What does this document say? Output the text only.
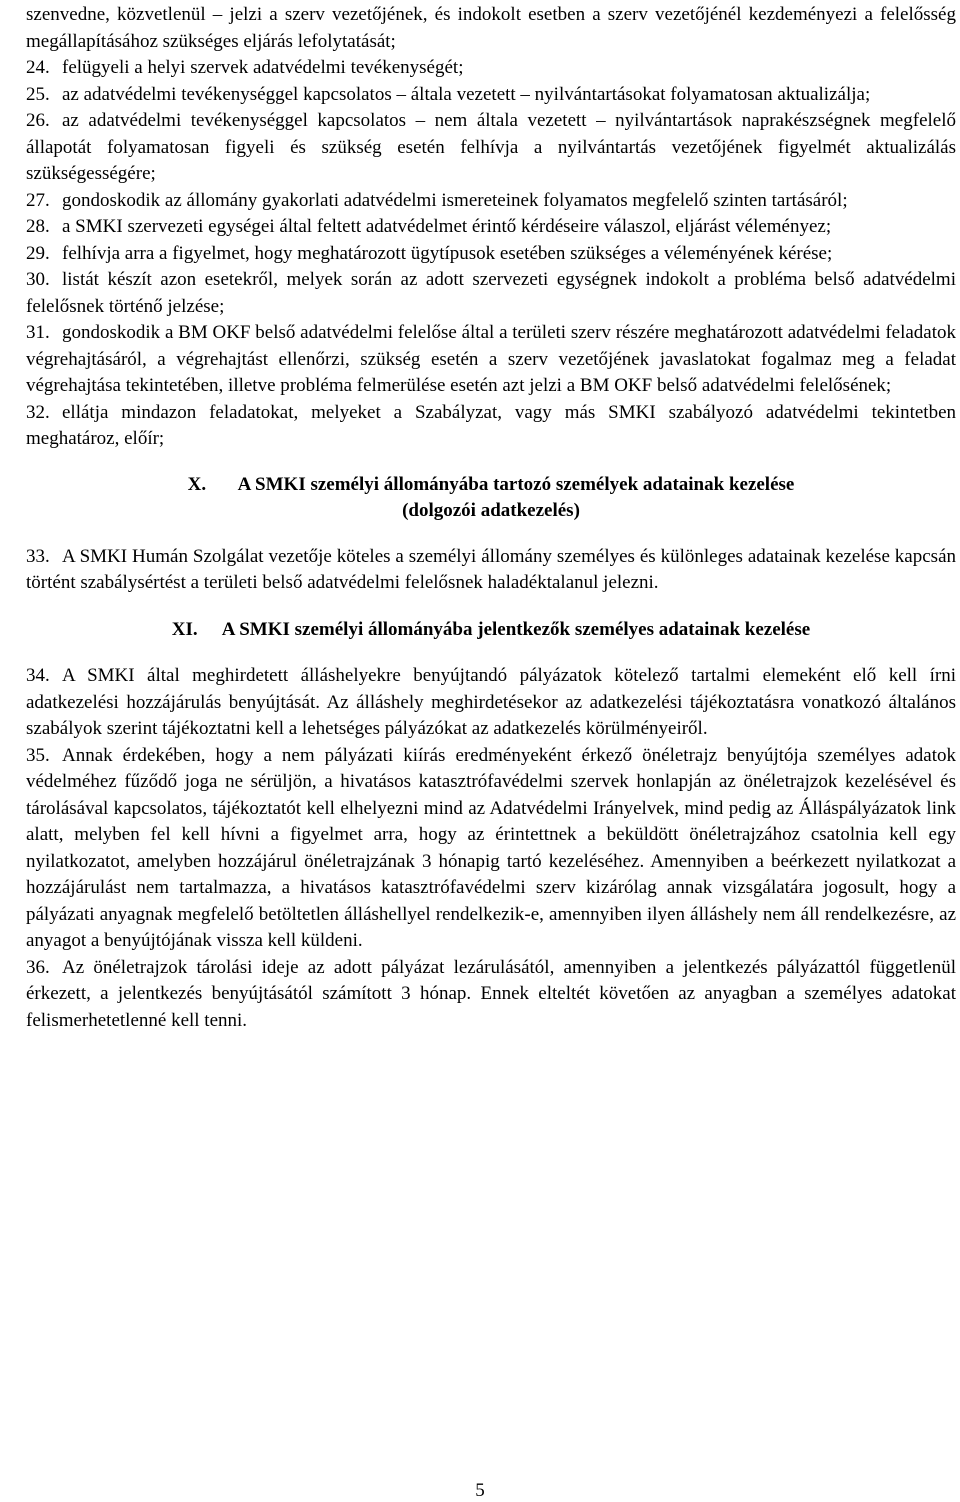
szenvedne, közvetlenül – jelzi a szerv vezetőjének, és indokolt esetben a szerv vezetőjénél kezdeményezi a felelősség megállapításához szükséges eljárás lefolytatását;

24. felügyeli a helyi szervek adatvédelmi tevékenységét;

25. az adatvédelmi tevékenységgel kapcsolatos – általa vezetett – nyilvántartásokat folyamatosan aktualizálja;

26. az adatvédelmi tevékenységgel kapcsolatos – nem általa vezetett – nyilvántartások naprakészségnek megfelelő állapotát folyamatosan figyeli és szükség esetén felhívja a nyilvántartás vezetőjének figyelmét aktualizálás szükségességére;

27. gondoskodik az állomány gyakorlati adatvédelmi ismereteinek folyamatos megfelelő szinten tartásáról;

28. a SMKI szervezeti egységei által feltett adatvédelmet érintő kérdéseire válaszol, eljárást véleményez;

29. felhívja arra a figyelmet, hogy meghatározott ügytípusok esetében szükséges a véleményének kérése;

30. listát készít azon esetekről, melyek során az adott szervezeti egységnek indokolt a probléma belső adatvédelmi felelősnek történő jelzése;

31. gondoskodik a BM OKF belső adatvédelmi felelőse által a területi szerv részére meghatározott adatvédelmi feladatok végrehajtásáról, a végrehajtást ellenőrzi, szükség esetén a szerv vezetőjének javaslatokat fogalmaz meg a feladat végrehajtása tekintetében, illetve probléma felmerülése esetén azt jelzi a BM OKF belső adatvédelmi felelősének;

32. ellátja mindazon feladatokat, melyeket a Szabályzat, vagy más SMKI szabályozó adatvédelmi tekintetben meghatároz, előír;

X. A SMKI személyi állományába tartozó személyek adatainak kezelése
(dolgozói adatkezelés)

33. A SMKI Humán Szolgálat vezetője köteles a személyi állomány személyes és különleges adatainak kezelése kapcsán történt szabálysértést a területi belső adatvédelmi felelősnek haladéktalanul jelezni.

XI. A SMKI személyi állományába jelentkezők személyes adatainak kezelése

34. A SMKI által meghirdetett álláshelyekre benyújtandó pályázatok kötelező tartalmi elemeként elő kell írni adatkezelési hozzájárulás benyújtását. Az álláshely meghirdetésekor az adatkezelési tájékoztatásra vonatkozó általános szabályok szerint tájékoztatni kell a lehetséges pályázókat az adatkezelés körülményeiről.

35. Annak érdekében, hogy a nem pályázati kiírás eredményeként érkező önéletrajz benyújtója személyes adatok védelméhez fűződő joga ne sérüljön, a hivatásos katasztrófavédelmi szervek honlapján az önéletrajzok kezelésével és tárolásával kapcsolatos, tájékoztatót kell elhelyezni mind az Adatvédelmi Irányelvek, mind pedig az Álláspályázatok link alatt, melyben fel kell hívni a figyelmet arra, hogy az érintettnek a beküldött önéletrajzához csatolnia kell egy nyilatkozatot, amelyben hozzájárul önéletrajzának 3 hónapig tartó kezeléséhez. Amennyiben a beérkezett nyilatkozat a hozzájárulást nem tartalmazza, a hivatásos katasztrófavédelmi szerv kizárólag annak vizsgálatára jogosult, hogy a pályázati anyagnak megfelelő betöltetlen álláshellyel rendelkezik-e, amennyiben ilyen álláshely nem áll rendelkezésre, az anyagot a benyújtójának vissza kell küldeni.

36. Az önéletrajzok tárolási ideje az adott pályázat lezárulásától, amennyiben a jelentkezés pályázattól függetlenül érkezett, a jelentkezés benyújtásától számított 3 hónap. Ennek elteltét követően az anyagban a személyes adatokat felismerhetetlenné kell tenni.

5
